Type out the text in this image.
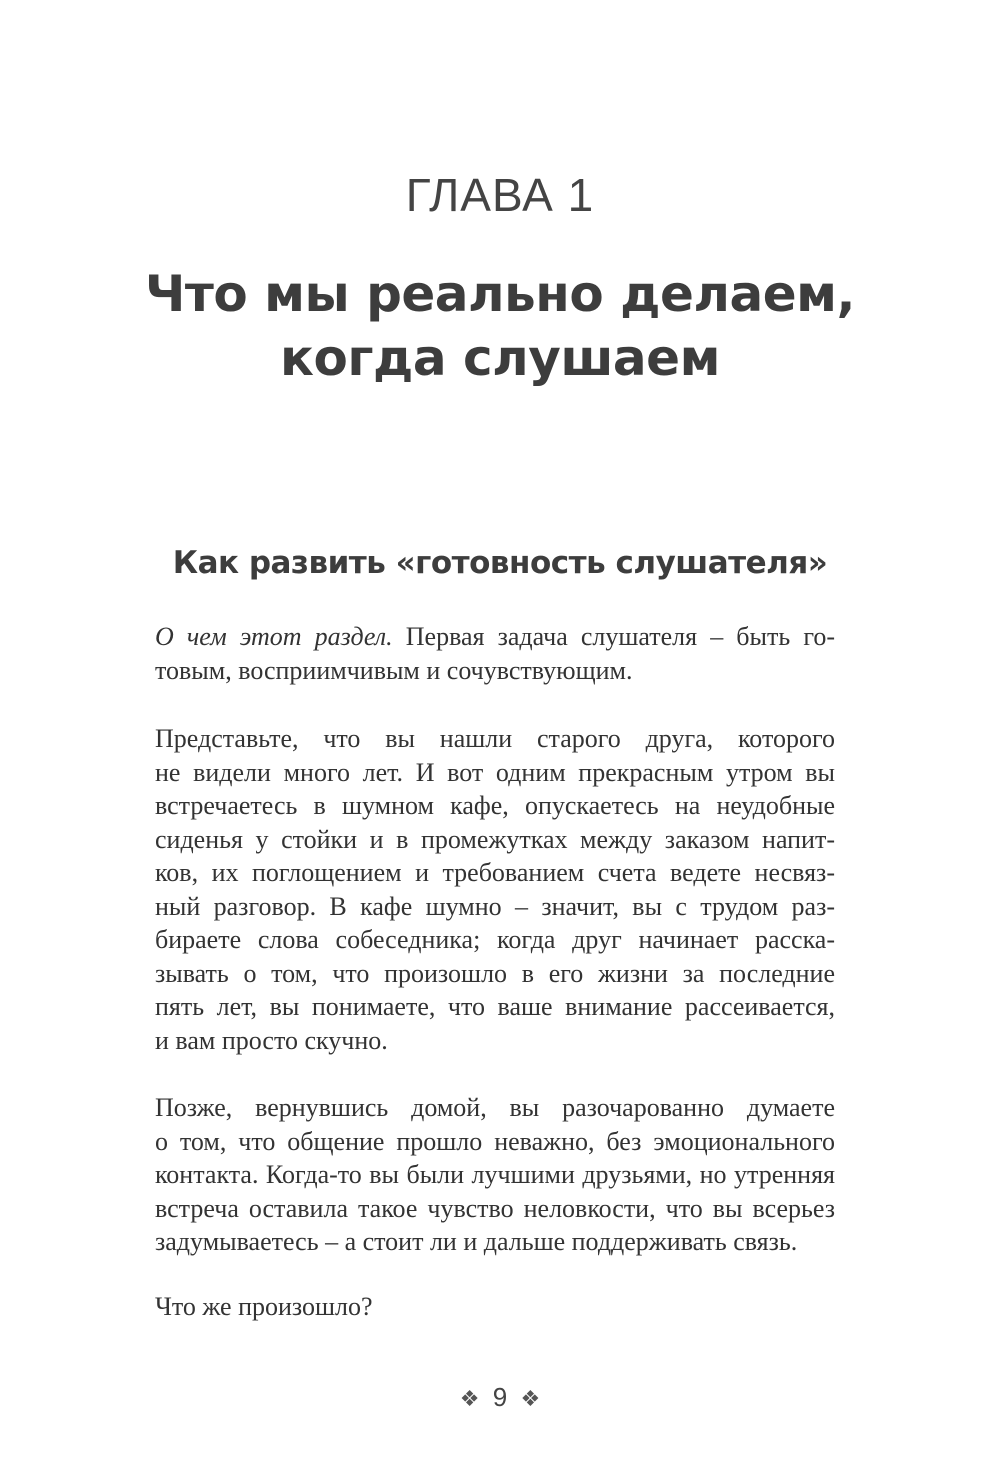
ГЛАВА 1
Что мы реально делаем,
когда слушаем
Как развить «готовность слушателя»
О чем этот раздел. Первая задача слушателя – быть го-
товым, восприимчивым и сочувствующим.
Представьте, что вы нашли старого друга, которого
не видели много лет. И вот одним прекрасным утром вы
встречаетесь в шумном кафе, опускаетесь на неудобные
сиденья у стойки и в промежутках между заказом напит-
ков, их поглощением и требованием счета ведете несвяз-
ный разговор. В кафе шумно – значит, вы с трудом раз-
бираете слова собеседника; когда друг начинает расска-
зывать о том, что произошло в его жизни за последние
пять лет, вы понимаете, что ваше внимание рассеивается,
и вам просто скучно.
Позже, вернувшись домой, вы разочарованно думаете
о том, что общение прошло неважно, без эмоционального
контакта. Когда-то вы были лучшими друзьями, но утренняя
встреча оставила такое чувство неловкости, что вы всерьез
задумываетесь – а стоит ли и дальше поддерживать связь.
Что же произошло?
❖ 9 ❖
